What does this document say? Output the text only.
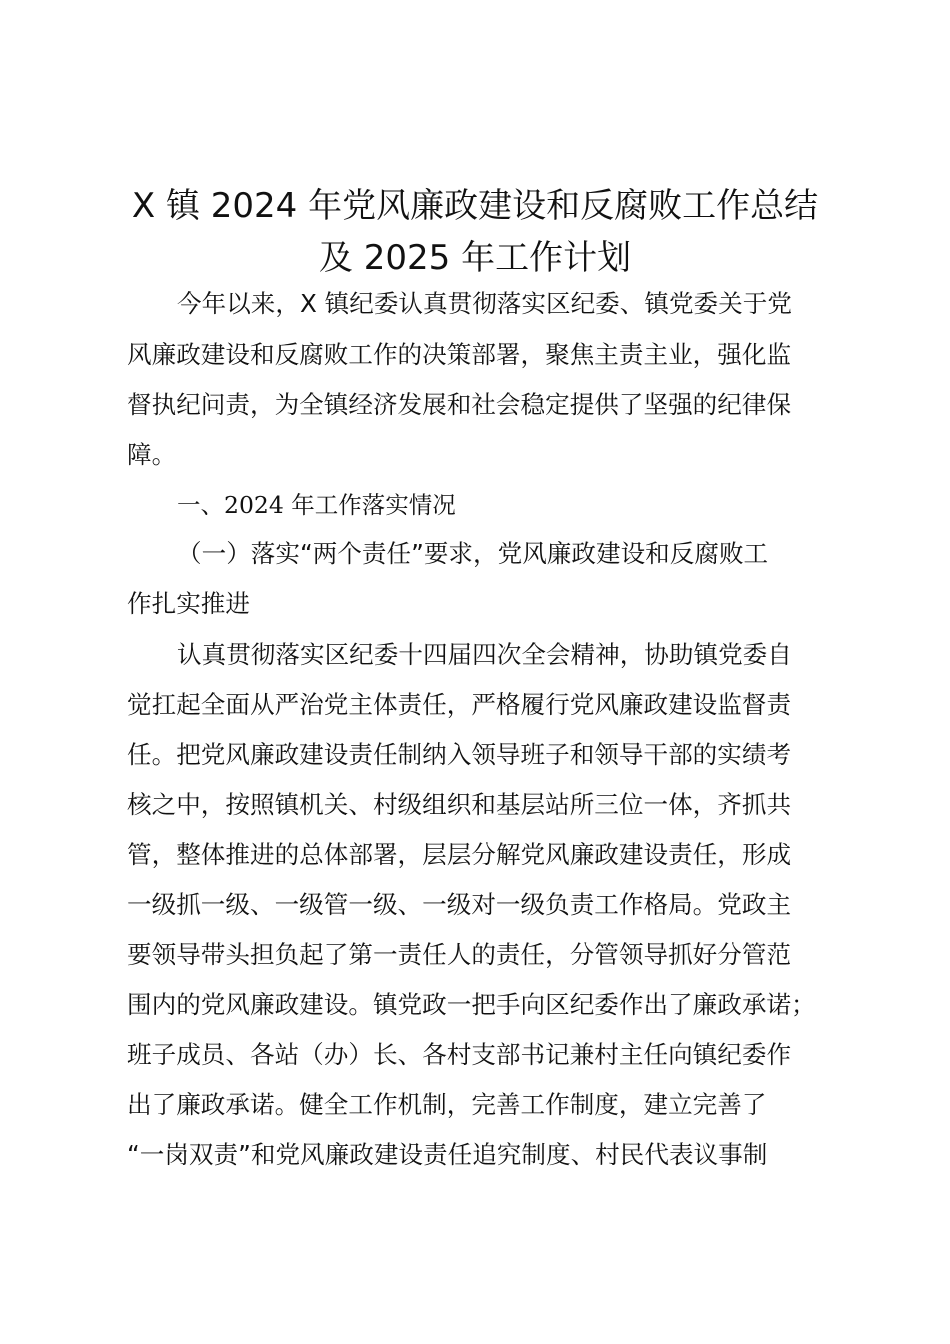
X 镇 2024 年党风廉政建设和反腐败工作总结
及 2025 年工作计划

今年以来，X 镇纪委认真贯彻落实区纪委、镇党委关于党

风廉政建设和反腐败工作的决策部署，聚焦主责主业，强化监

督执纪问责，为全镇经济发展和社会稳定提供了坚强的纪律保

障。

一、2024 年工作落实情况

（一）落实“两个责任”要求，党风廉政建设和反腐败工

作扎实推进

认真贯彻落实区纪委十四届四次全会精神，协助镇党委自

觉扛起全面从严治党主体责任，严格履行党风廉政建设监督责

任。把党风廉政建设责任制纳入领导班子和领导干部的实绩考

核之中，按照镇机关、村级组织和基层站所三位一体，齐抓共

管，整体推进的总体部署，层层分解党风廉政建设责任，形成

一级抓一级、一级管一级、一级对一级负责工作格局。党政主

要领导带头担负起了第一责任人的责任，分管领导抓好分管范

围内的党风廉政建设。镇党政一把手向区纪委作出了廉政承诺；

班子成员、各站（办）长、各村支部书记兼村主任向镇纪委作

出了廉政承诺。健全工作机制，完善工作制度，建立完善了

“一岗双责”和党风廉政建设责任追究制度、村民代表议事制
